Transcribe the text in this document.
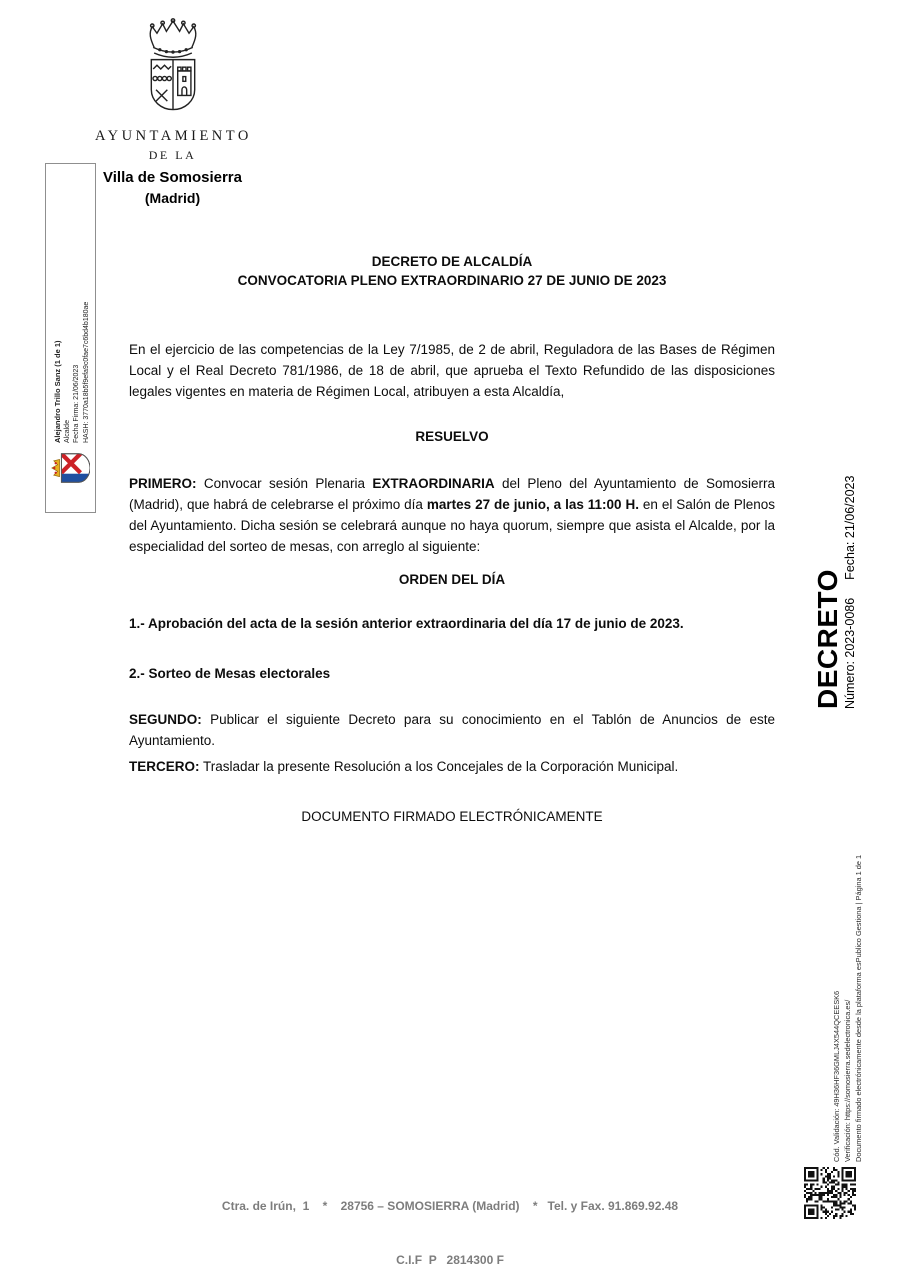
AYUNTAMIENTO
DE LA
Villa de Somosierra
(Madrid)
Alejandro Trillo Sanz (1 de 1) Alcalde Fecha Firma: 21/06/2023 HASH: 3770a18b5f9efa9c0fae7c6bd4b180ae
DECRETO DE ALCALDÍA
CONVOCATORIA PLENO EXTRAORDINARIO 27 DE JUNIO DE 2023

En el ejercicio de las competencias de la Ley 7/1985, de 2 de abril, Reguladora de las Bases de Régimen Local y el Real Decreto 781/1986, de 18 de abril, que aprueba el Texto Refundido de las disposiciones legales vigentes en materia de Régimen Local, atribuyen a esta Alcaldía,

RESUELVO

PRIMERO: Convocar sesión Plenaria EXTRAORDINARIA del Pleno del Ayuntamiento de Somosierra (Madrid), que habrá de celebrarse el próximo día martes 27 de junio, a las 11:00 H. en el Salón de Plenos del Ayuntamiento. Dicha sesión se celebrará aunque no haya quorum, siempre que asista el Alcalde, por la especialidad del sorteo de mesas, con arreglo al siguiente:

ORDEN DEL DÍA

1.- Aprobación del acta de la sesión anterior extraordinaria del día 17 de junio de 2023.

2.- Sorteo de Mesas electorales

SEGUNDO: Publicar el siguiente Decreto para su conocimiento en el Tablón de Anuncios de este Ayuntamiento.

TERCERO: Trasladar la presente Resolución a los Concejales de la Corporación Municipal.

DOCUMENTO FIRMADO ELECTRÓNICAMENTE
DECRETO Número: 2023-0086Fecha: 21/06/2023
Cód. Validación: 49H36HF36GMLJ4X544QCEESK6 Verificación: https://somosierra.sedelectronica.es/ Documento firmado electrónicamente desde la plataforma esPublico Gestiona | Página 1 de 1

Ctra. de Irún,  1    *    28756 – SOMOSIERRA (Madrid)    *   Tel. y Fax. 91.869.92.48

C.I.F  P   2814300 F
